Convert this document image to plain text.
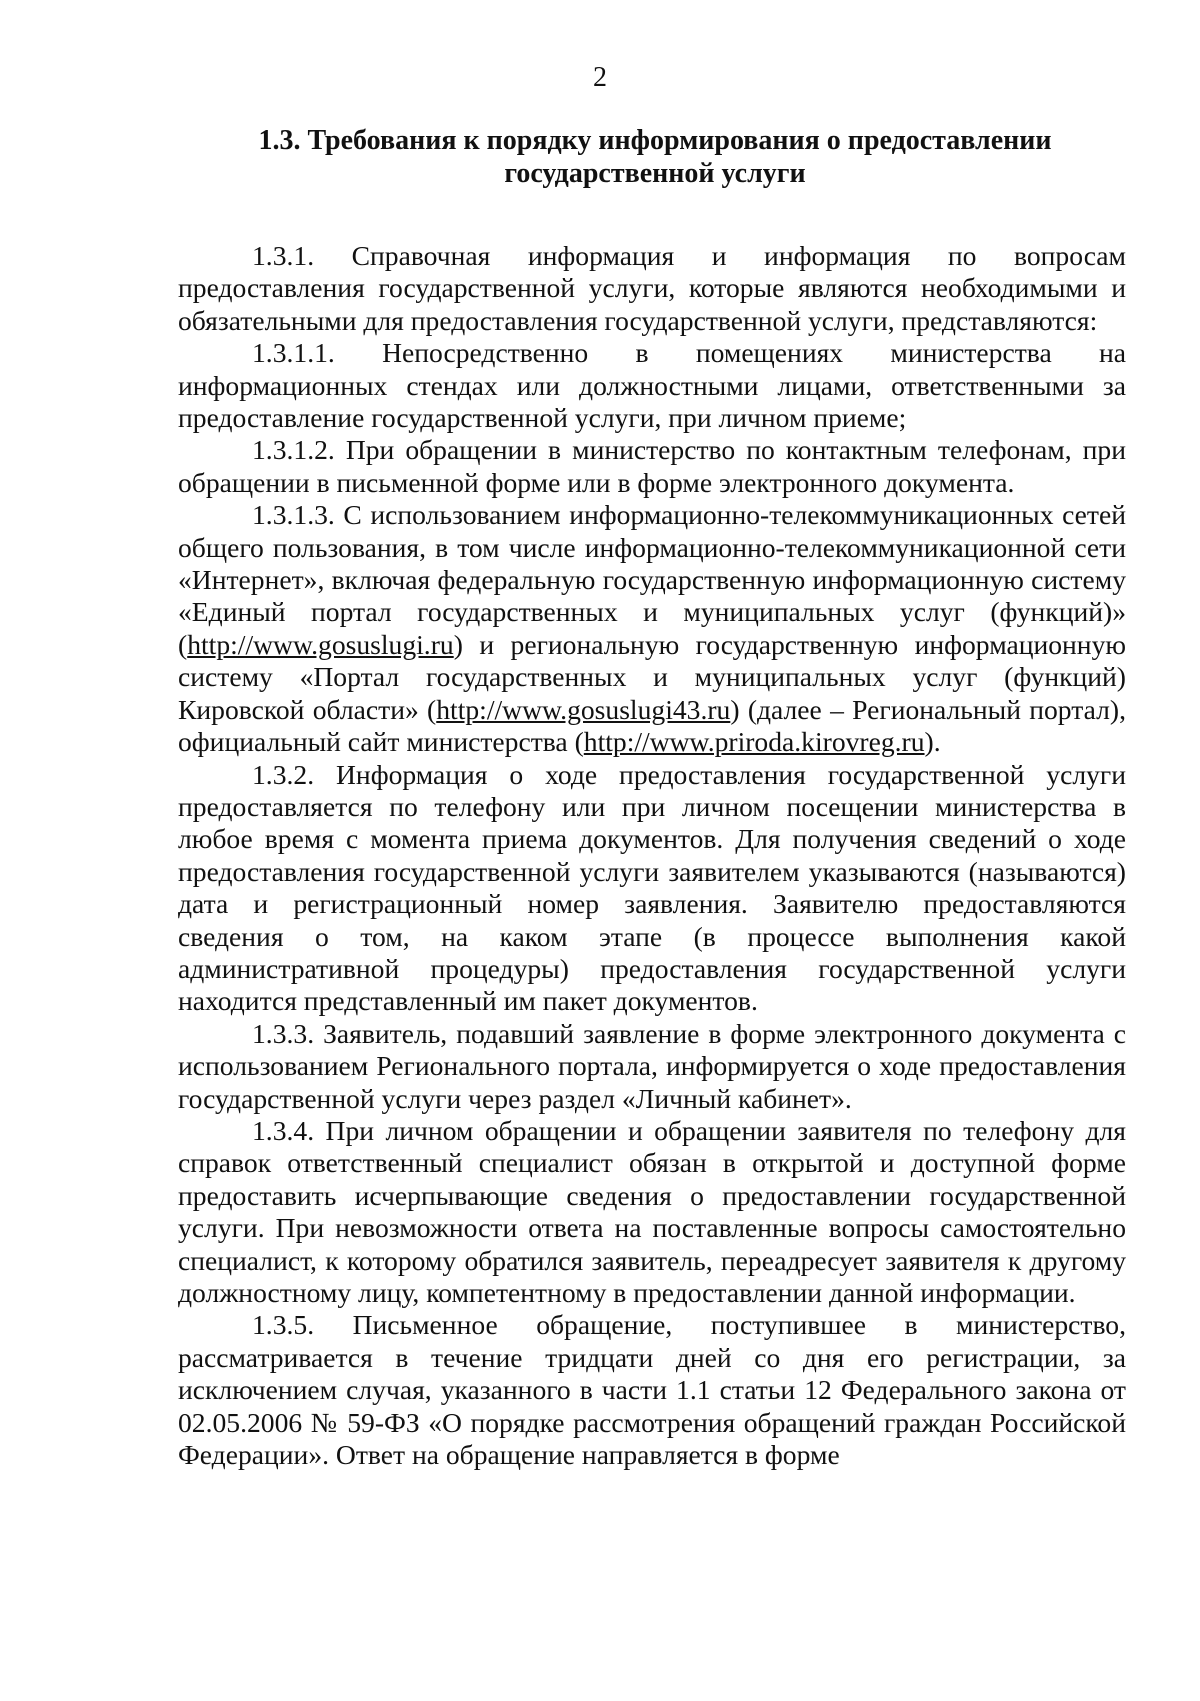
2
1.3. Требования к порядку информирования о предоставлении
государственной услуги

1.3.1. Справочная информация и информация по вопросам предоставления государственной услуги, которые являются необходимыми и обязательными для предоставления государственной услуги, представляются:

1.3.1.1. Непосредственно в помещениях министерства на информационных стендах или должностными лицами, ответственными за предоставление государственной услуги, при личном приеме;

1.3.1.2. При обращении в министерство по контактным телефонам, при обращении в письменной форме или в форме электронного документа.

1.3.1.3. С использованием информационно-телекоммуникационных сетей общего пользования, в том числе информационно-телекоммуникационной сети «Интернет», включая федеральную государственную информационную систему «Единый портал государственных и муниципальных услуг (функций)» (http://www.gosuslugi.ru) и региональную государственную информационную систему «Портал государственных и муниципальных услуг (функций) Кировской области» (http://www.gosuslugi43.ru) (далее – Региональный портал), официальный сайт министерства (http://www.priroda.kirovreg.ru).

1.3.2. Информация о ходе предоставления государственной услуги предоставляется по телефону или при личном посещении министерства в любое время с момента приема документов. Для получения сведений о ходе предоставления государственной услуги заявителем указываются (называются) дата и регистрационный номер заявления. Заявителю предоставляются сведения о том, на каком этапе (в процессе выполнения какой административной процедуры) предоставления государственной услуги находится представленный им пакет документов.

1.3.3. Заявитель, подавший заявление в форме электронного документа с использованием Регионального портала, информируется о ходе предоставления государственной услуги через раздел «Личный кабинет».

1.3.4. При личном обращении и обращении заявителя по телефону для справок ответственный специалист обязан в открытой и доступной форме предоставить исчерпывающие сведения о предоставлении государственной услуги. При невозможности ответа на поставленные вопросы самостоятельно специалист, к которому обратился заявитель, переадресует заявителя к другому должностному лицу, компетентному в предоставлении данной информации.

1.3.5. Письменное обращение, поступившее в министерство, рассматривается в течение тридцати дней со дня его регистрации, за исключением случая, указанного в части 1.1 статьи 12 Федерального закона от 02.05.2006 № 59-ФЗ «О порядке рассмотрения обращений граждан Российской Федерации». Ответ на обращение направляется в форме
